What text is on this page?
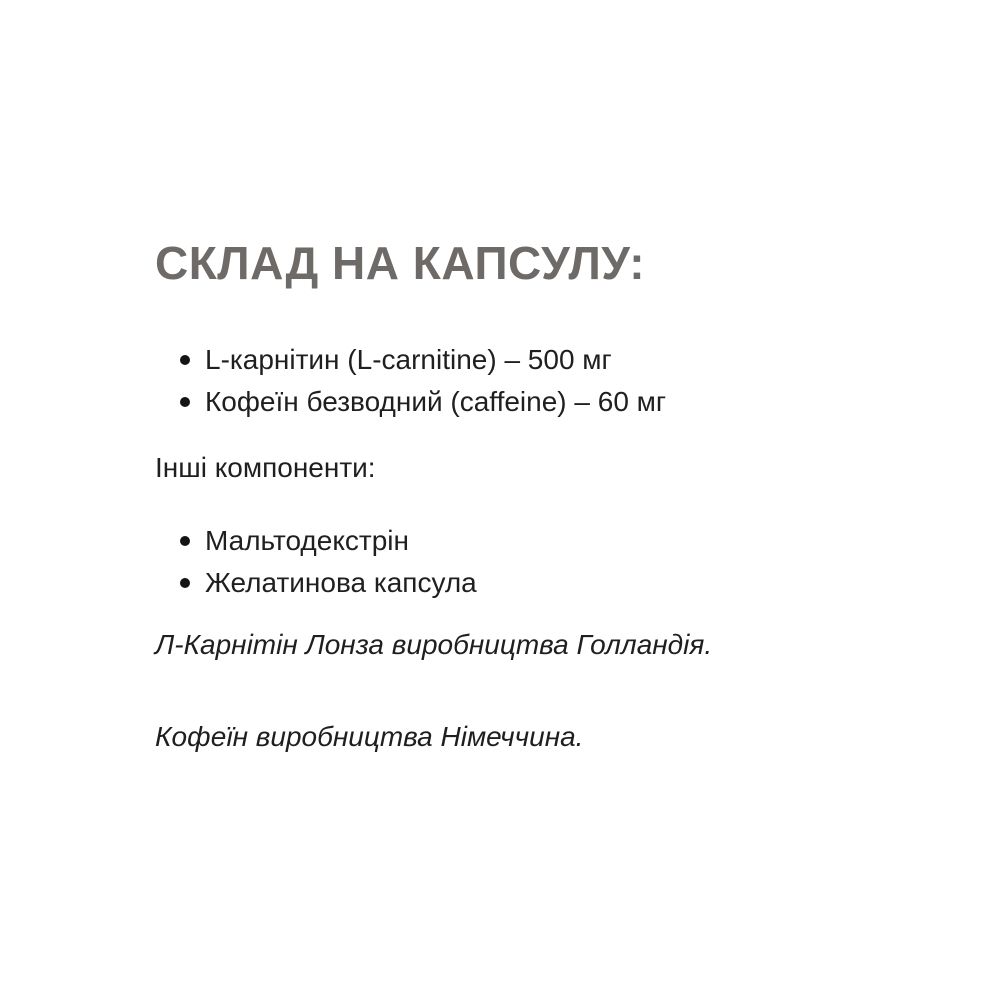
СКЛАД НА КАПСУЛУ:
L-карнітин (L-carnitine) – 500 мг
Кофеїн безводний (caffeine) – 60 мг

Інші компоненти:

Мальтодекстрін
Желатинова капсула

Л-Карнітін Лонза виробництва Голландія.

Кофеїн виробництва Німеччина.
